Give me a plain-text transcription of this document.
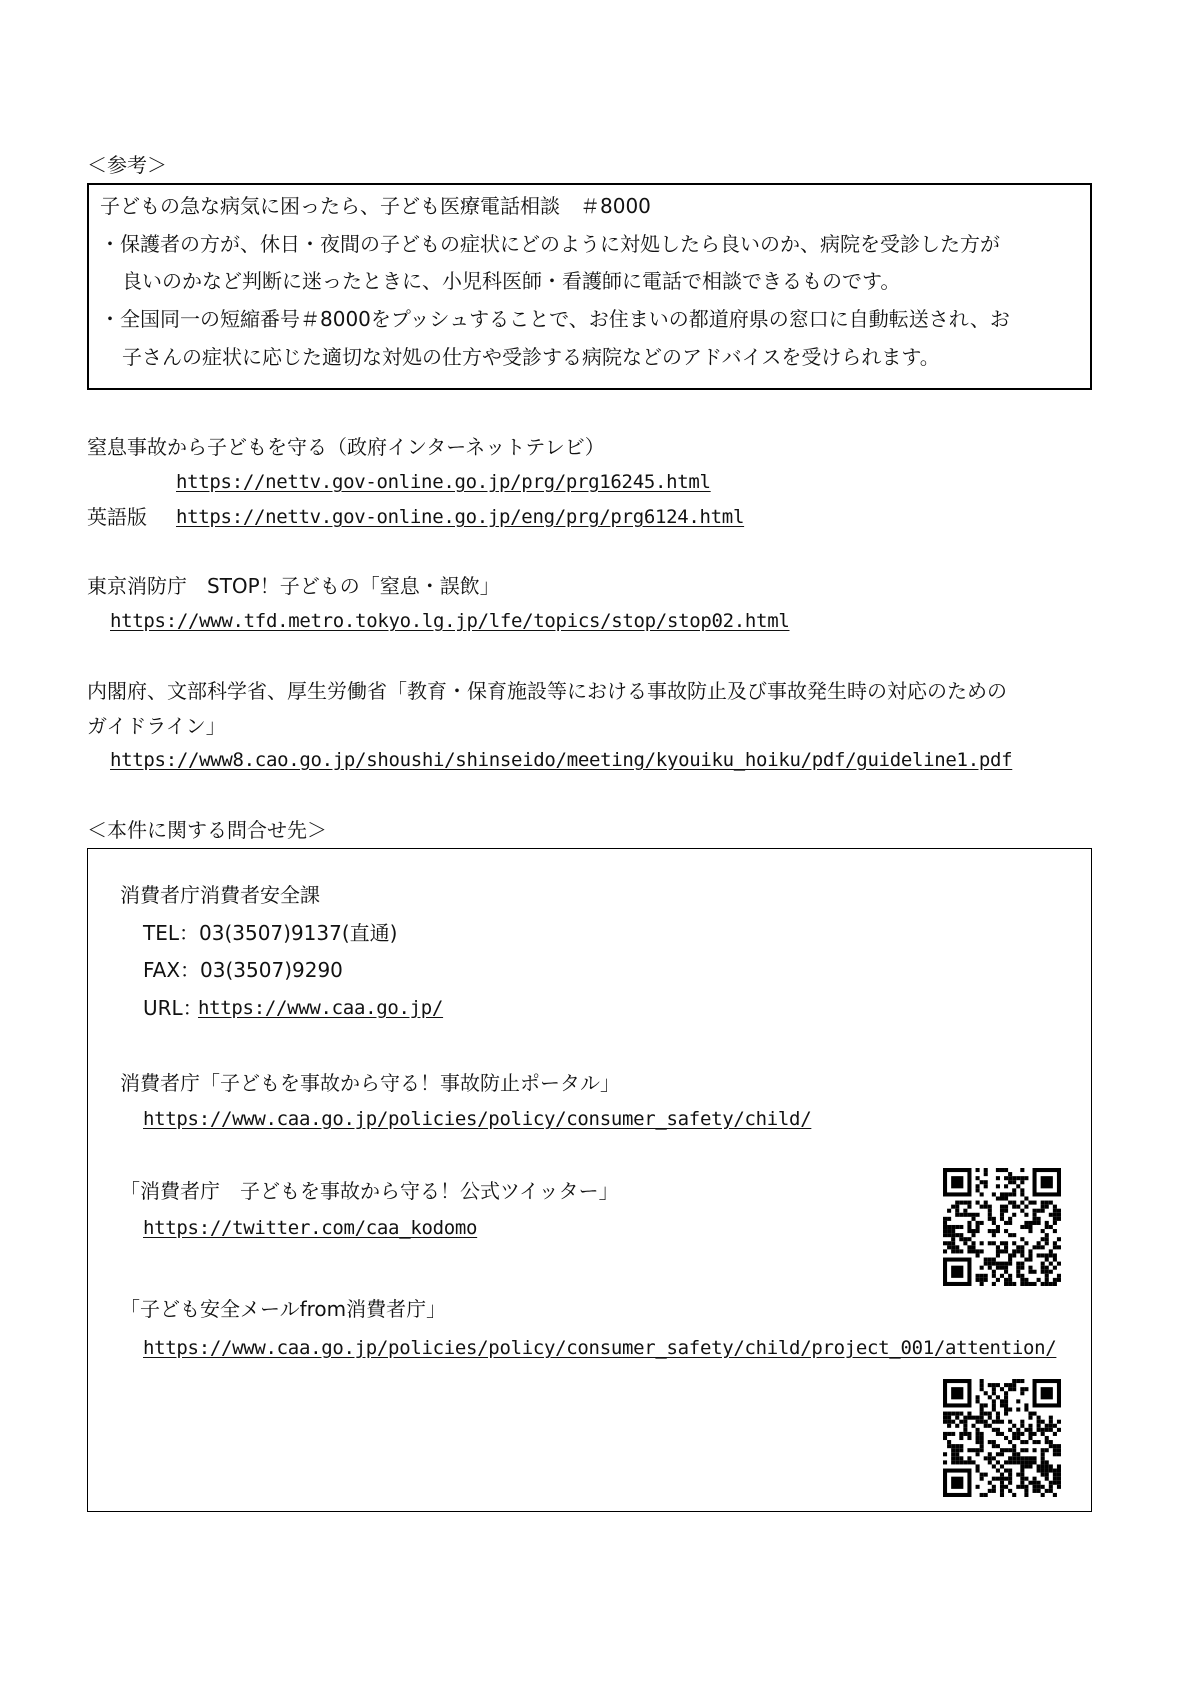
＜参考＞
子どもの急な病気に困ったら、子ども医療電話相談　＃8000
・保護者の方が、休日・夜間の子どもの症状にどのように対処したら良いのか、病院を受診した方が
良いのかなど判断に迷ったときに、小児科医師・看護師に電話で相談できるものです。
・全国同一の短縮番号＃8000をプッシュすることで、お住まいの都道府県の窓口に自動転送され、お
子さんの症状に応じた適切な対処の仕方や受診する病院などのアドバイスを受けられます。
窒息事故から子どもを守る（政府インターネットテレビ）
https://nettv.gov-online.go.jp/prg/prg16245.html
英語版 https://nettv.gov-online.go.jp/eng/prg/prg6124.html
東京消防庁　STOP！子どもの「窒息・誤飲」
https://www.tfd.metro.tokyo.lg.jp/lfe/topics/stop/stop02.html
内閣府、文部科学省、厚生労働省「教育・保育施設等における事故防止及び事故発生時の対応のための
ガイドライン」
https://www8.cao.go.jp/shoushi/shinseido/meeting/kyouiku_hoiku/pdf/guideline1.pdf
＜本件に関する問合せ先＞
消費者庁消費者安全課
TEL：03(3507)9137(直通)
FAX：03(3507)9290
URL：
https://www.caa.go.jp/
消費者庁「子どもを事故から守る！事故防止ポータル」
https://www.caa.go.jp/policies/policy/consumer_safety/child/
「消費者庁　子どもを事故から守る！公式ツイッター」
https://twitter.com/caa_kodomo
「子ども安全メールfrom消費者庁」
https://www.caa.go.jp/policies/policy/consumer_safety/child/project_001/attention/
